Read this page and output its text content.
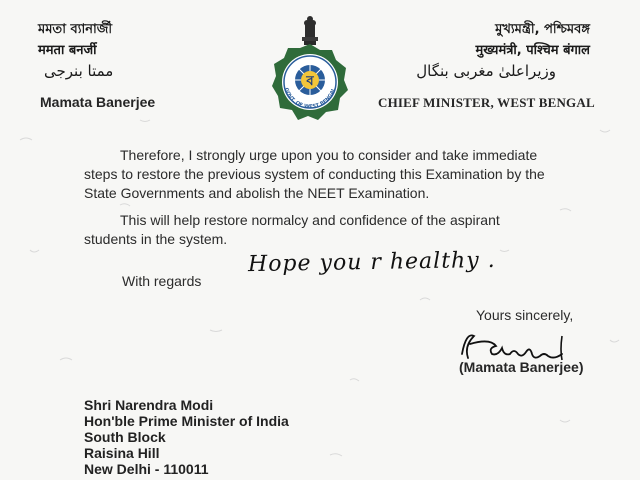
মমতা ব্যানার্জী
ममता बनर्जी
ممتا بنرجی
Mamata Banerjee
ব
GOVT. OF WEST BENGAL
মুখ্যমন্ত্রী, পশ্চিমবঙ্গ
मुख्यमंत्री, पश्चिम बंगाल
وزیراعلیٰ مغربی بنگال
CHIEF MINISTER, WEST BENGAL

Therefore, I strongly urge upon you to consider and take immediate
steps to restore the previous system of conducting this Examination by the
State Governments and abolish the NEET Examination.

This will help restore normalcy and confidence of the aspirant
students in the system.

With regards
Hope you r healthy .
Yours sincerely,
(Mamata Banerjee)
Shri Narendra Modi
Hon'ble Prime Minister of India
South Block
Raisina Hill
New Delhi - 110011
